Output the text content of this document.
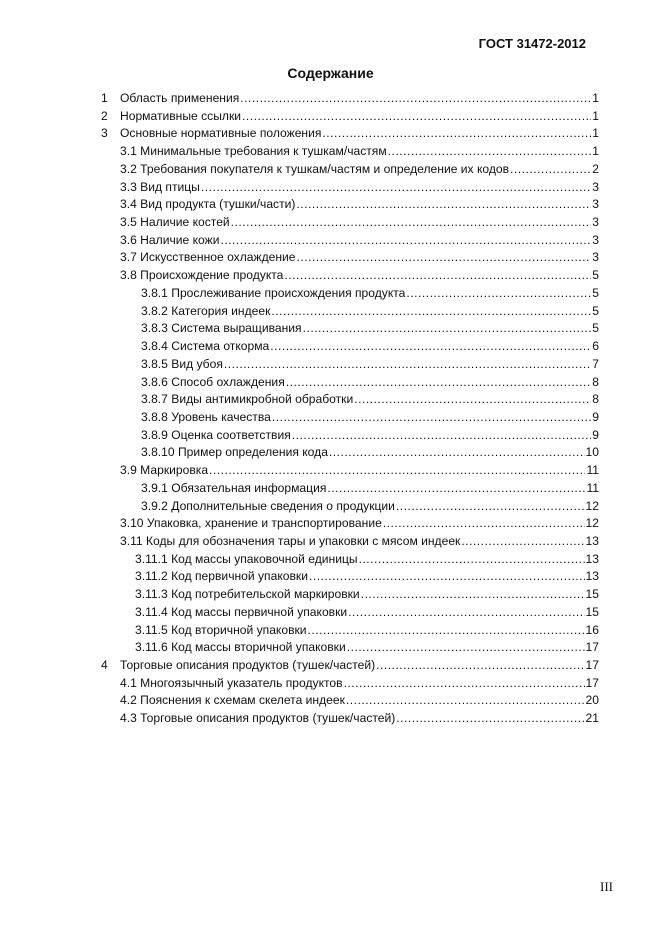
ГОСТ 31472-2012
Содержание
1	Область применения .....	1
2	Нормативные ссылки .....	1
3	Основные нормативные положения .....	1
3.1 Минимальные требования к тушкам/частям .....	1
3.2 Требования покупателя к тушкам/частям и определение их кодов .....	2
3.3 Вид птицы .....	3
3.4 Вид продукта (тушки/части) .....	3
3.5 Наличие костей .....	3
3.6 Наличие кожи .....	3
3.7 Искусственное охлаждение .....	3
3.8 Происхождение продукта .....	5
3.8.1 Прослеживание происхождения продукта .....	5
3.8.2 Категория индеек .....	5
3.8.3 Система выращивания .....	5
3.8.4 Система откорма .....	6
3.8.5 Вид убоя .....	7
3.8.6 Способ охлаждения .....	8
3.8.7 Виды антимикробной обработки .....	8
3.8.8 Уровень качества .....	9
3.8.9 Оценка соответствия .....	9
3.8.10 Пример определения кода .....	10
3.9 Маркировка .....	11
3.9.1 Обязательная информация .....	11
3.9.2 Дополнительные сведения о продукции .....	12
3.10 Упаковка, хранение и транспортирование .....	12
3.11 Коды для обозначения тары и упаковки с мясом индеек .....	13
3.11.1 Код массы упаковочной единицы .....	13
3.11.2 Код первичной упаковки .....	13
3.11.3 Код потребительской маркировки .....	15
3.11.4 Код массы первичной упаковки .....	15
3.11.5 Код вторичной упаковки .....	16
3.11.6 Код массы вторичной упаковки .....	17
4	Торговые описания продуктов (тушек/частей) .....	17
4.1 Многоязычный указатель продуктов .....	17
4.2 Пояснения к схемам скелета индеек .....	20
4.3 Торговые описания продуктов (тушек/частей) .....	21
III
